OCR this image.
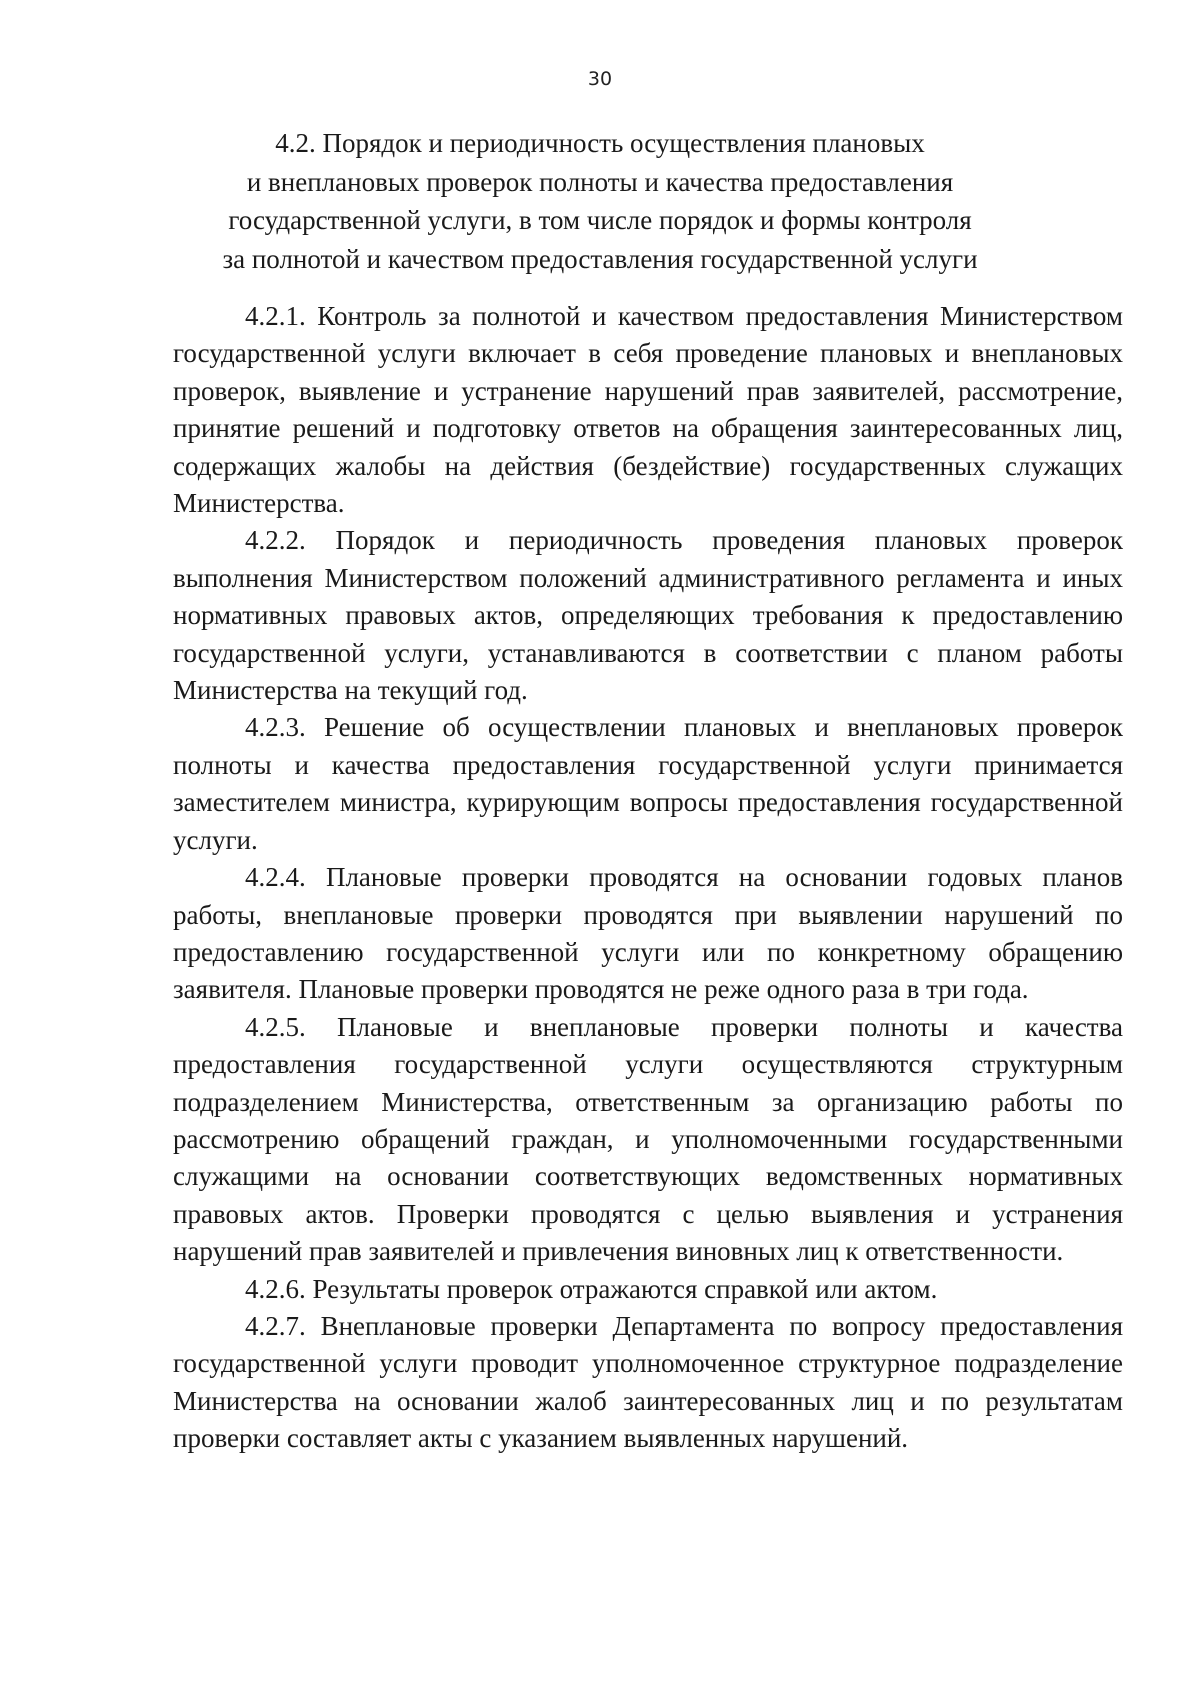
30
4.2. Порядок и периодичность осуществления плановых
и внеплановых проверок полноты и качества предоставления
государственной услуги, в том числе порядок и формы контроля
за полнотой и качеством предоставления государственной услуги

4.2.1. Контроль за полнотой и качеством предоставления Министерством государственной услуги включает в себя проведение плановых и внеплановых проверок, выявление и устранение нарушений прав заявителей, рассмотрение, принятие решений и подготовку ответов на обращения заинтересованных лиц, содержащих жалобы на действия (бездействие) государственных служащих Министерства.

4.2.2. Порядок и периодичность проведения плановых проверок выполнения Министерством положений административного регламента и иных нормативных правовых актов, определяющих требования к предоставлению государственной услуги, устанавливаются в соответствии с планом работы Министерства на текущий год.

4.2.3. Решение об осуществлении плановых и внеплановых проверок полноты и качества предоставления государственной услуги принимается заместителем министра, курирующим вопросы предоставления государственной услуги.

4.2.4. Плановые проверки проводятся на основании годовых планов работы, внеплановые проверки проводятся при выявлении нарушений по предоставлению государственной услуги или по конкретному обращению заявителя. Плановые проверки проводятся не реже одного раза в три года.

4.2.5. Плановые и внеплановые проверки полноты и качества предоставления государственной услуги осуществляются структурным подразделением Министерства, ответственным за организацию работы по рассмотрению обращений граждан, и уполномоченными государственными служащими на основании соответствующих ведомственных нормативных правовых актов. Проверки проводятся с целью выявления и устранения нарушений прав заявителей и привлечения виновных лиц к ответственности.

4.2.6. Результаты проверок отражаются справкой или актом.

4.2.7. Внеплановые проверки Департамента по вопросу предоставления государственной услуги проводит уполномоченное структурное подразделение Министерства на основании жалоб заинтересованных лиц и по результатам проверки составляет акты с указанием выявленных нарушений.
